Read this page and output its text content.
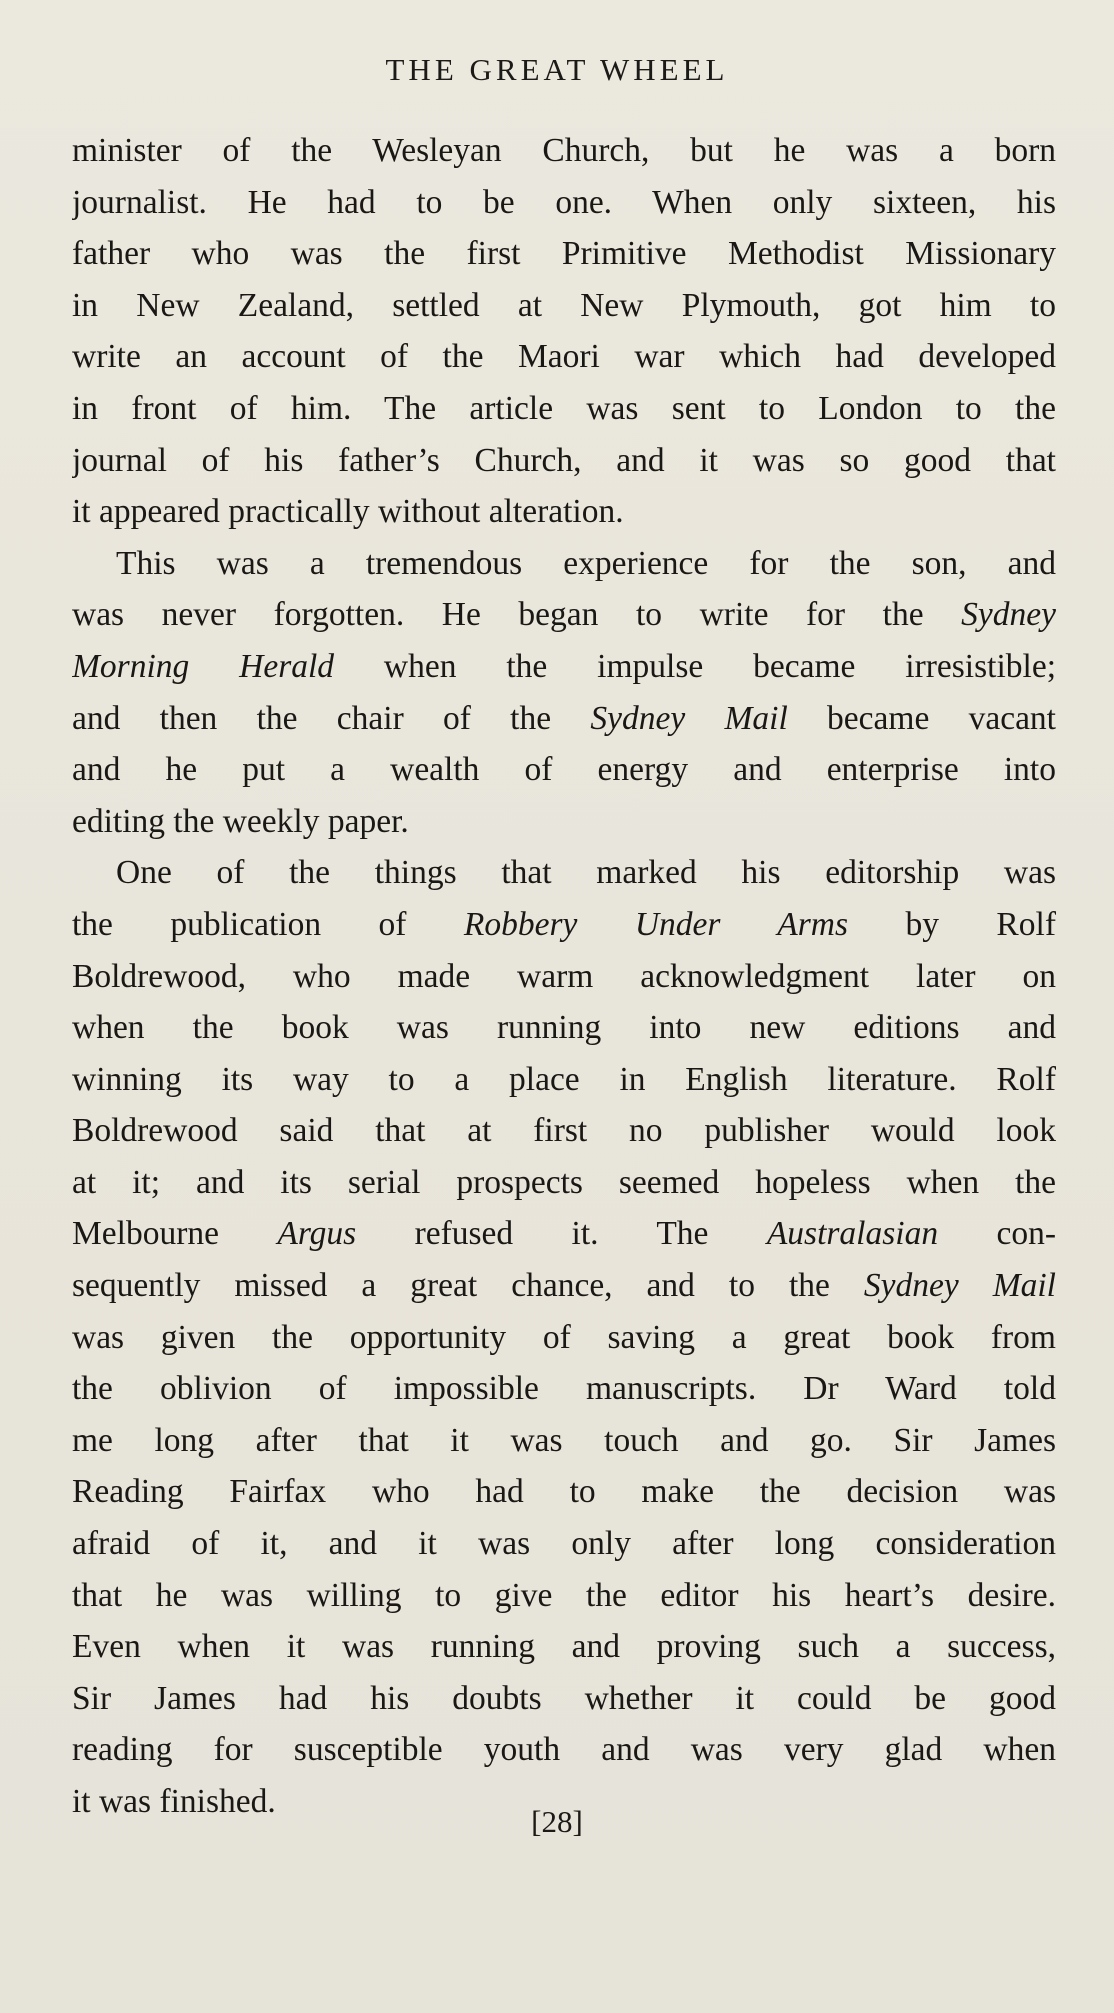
THE GREAT WHEEL

minister of the Wesleyan Church, but he was a born
journalist. He had to be one. When only sixteen, his
father who was the first Primitive Methodist Missionary
in New Zealand, settled at New Plymouth, got him to
write an account of the Maori war which had developed
in front of him. The article was sent to London to the
journal of his father’s Church, and it was so good that
it appeared practically without alteration.

This was a tremendous experience for the son, and
was never forgotten. He began to write for the Sydney
Morning Herald when the impulse became irresistible;
and then the chair of the Sydney Mail became vacant
and he put a wealth of energy and enterprise into
editing the weekly paper.

One of the things that marked his editorship was
the publication of Robbery Under Arms by Rolf
Boldrewood, who made warm acknowledgment later on
when the book was running into new editions and
winning its way to a place in English literature. Rolf
Boldrewood said that at first no publisher would look
at it; and its serial prospects seemed hopeless when the
Melbourne Argus refused it. The Australasian con-
sequently missed a great chance, and to the Sydney Mail
was given the opportunity of saving a great book from
the oblivion of impossible manuscripts. Dr Ward told
me long after that it was touch and go. Sir James
Reading Fairfax who had to make the decision was
afraid of it, and it was only after long consideration
that he was willing to give the editor his heart’s desire.
Even when it was running and proving such a success,
Sir James had his doubts whether it could be good
reading for susceptible youth and was very glad when
it was finished.

[28]
